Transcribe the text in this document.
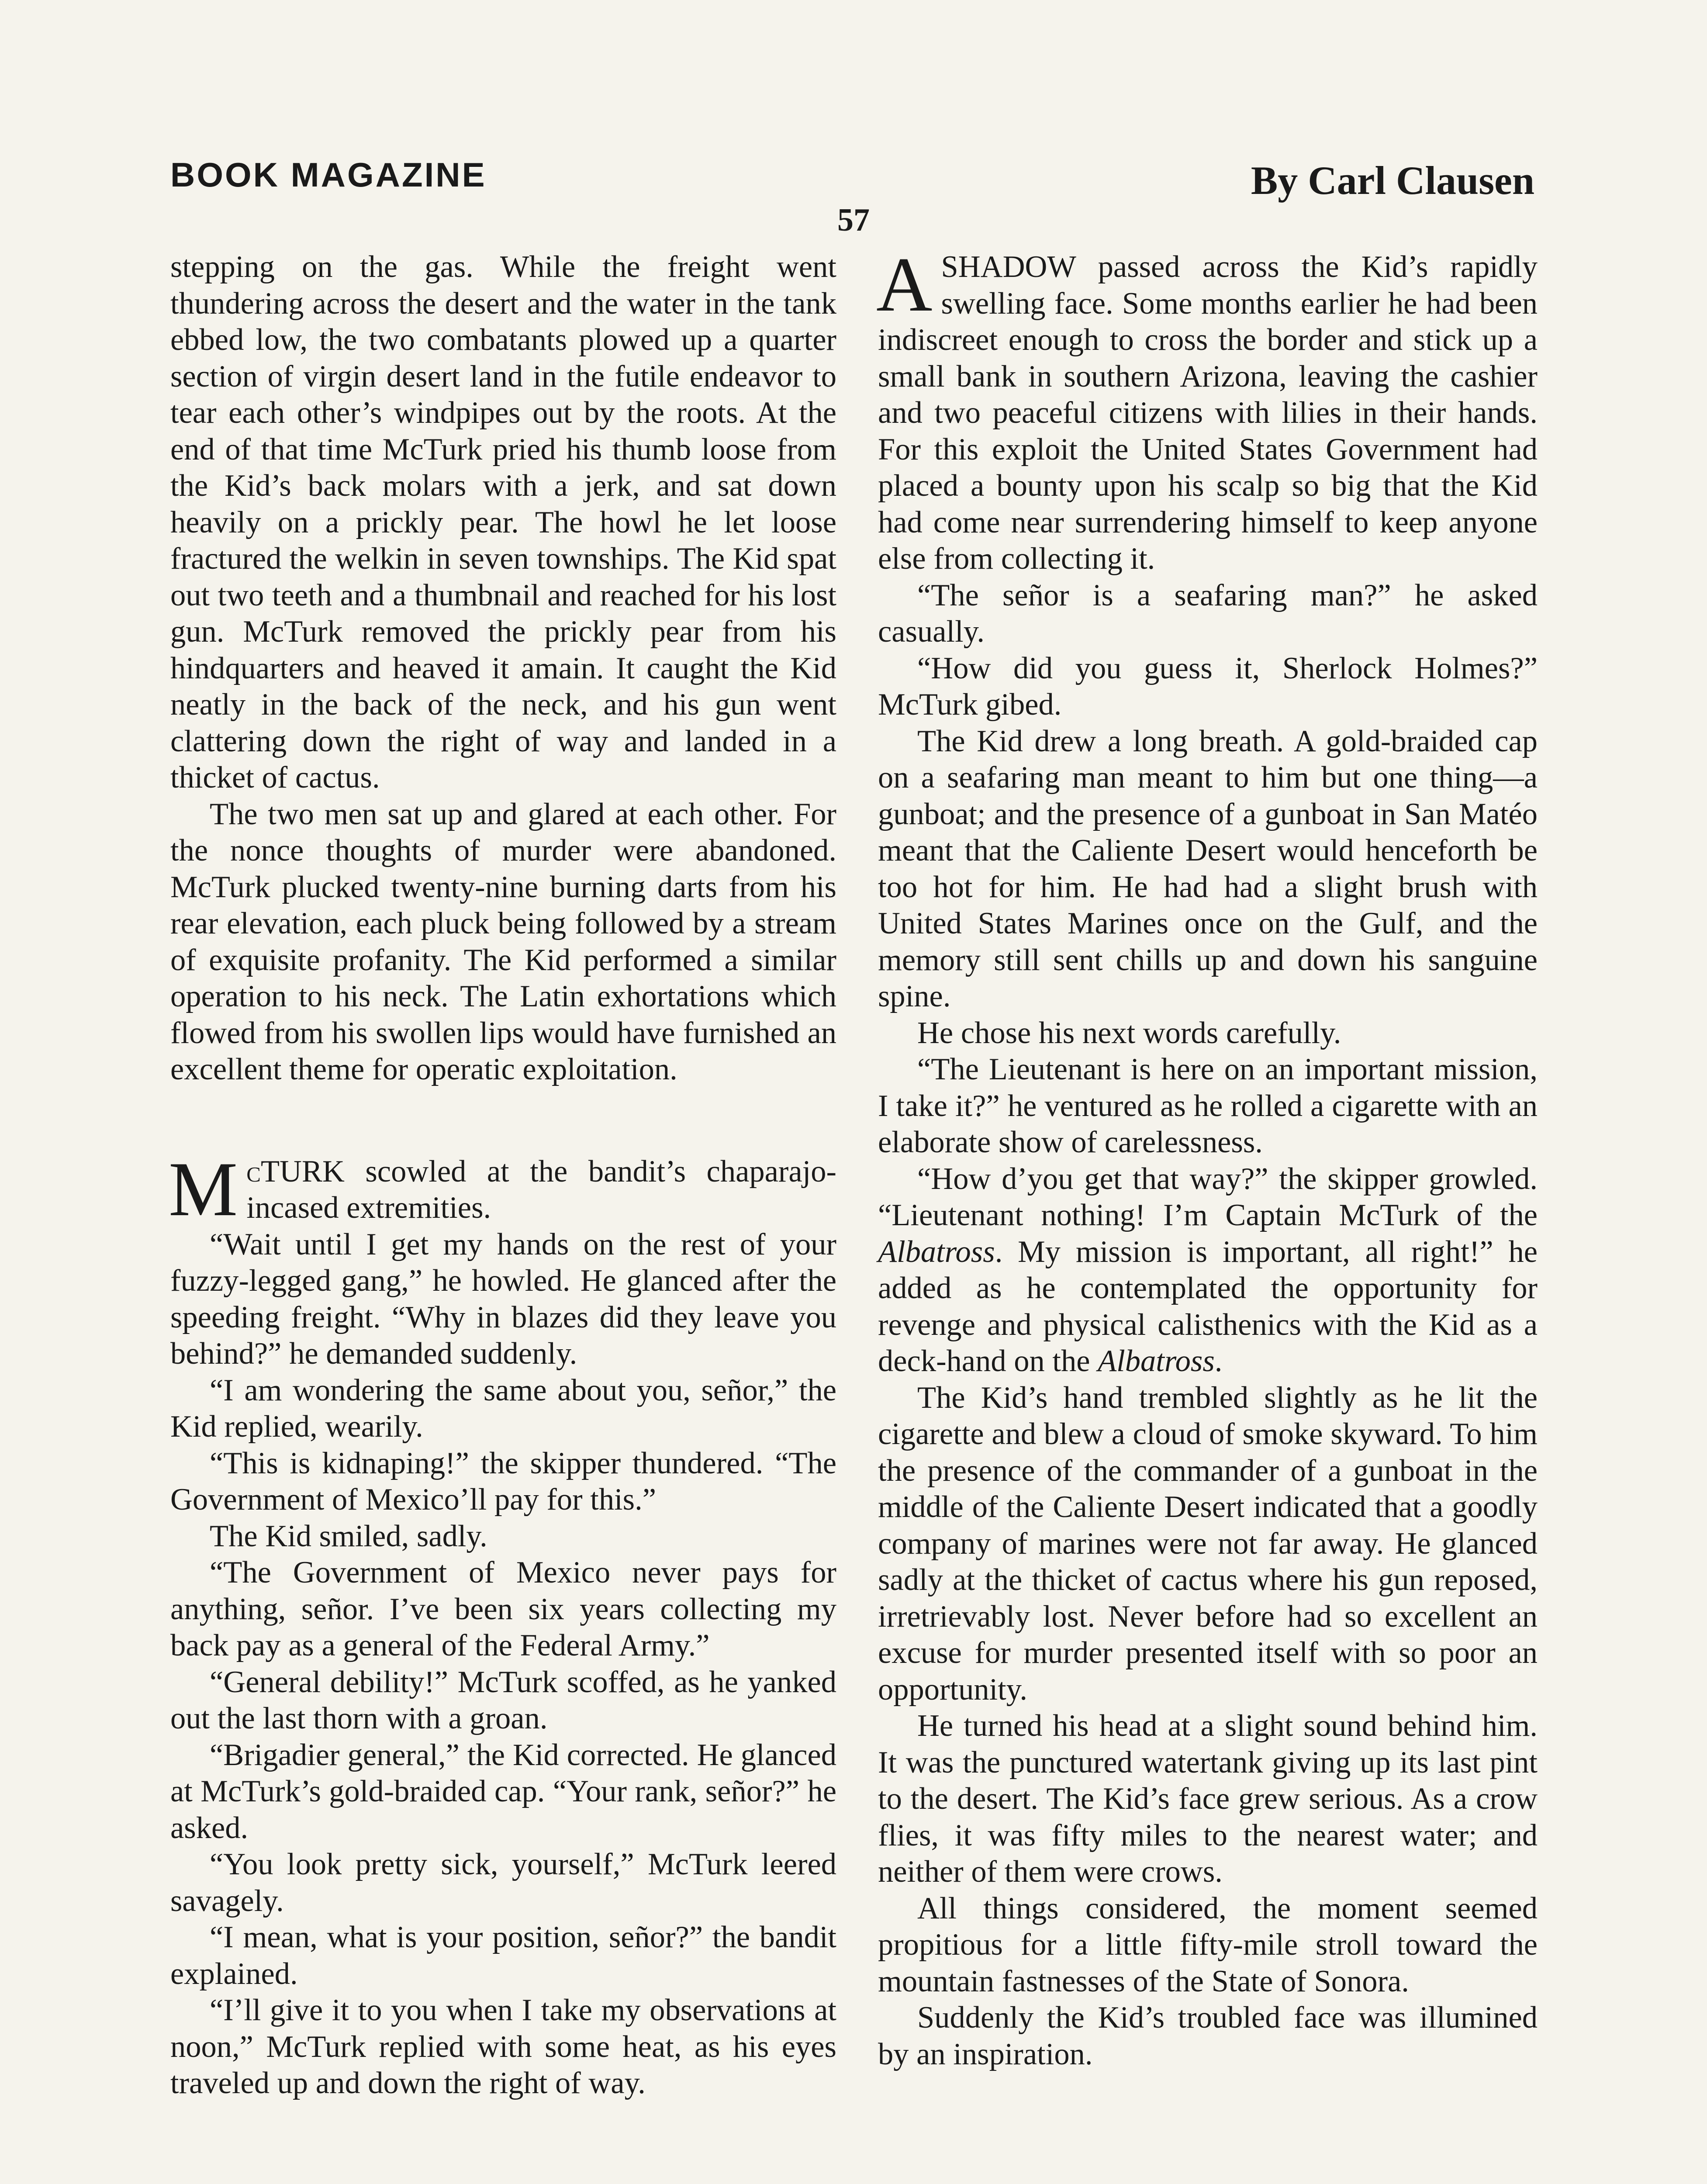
BOOK MAGAZINE	By Carl Clausen
57

stepping on the gas. While the freight went thundering across the desert and the water in the tank ebbed low, the two combatants plowed up a quarter section of virgin desert land in the futile endeavor to tear each other’s windpipes out by the roots. At the end of that time McTurk pried his thumb loose from the Kid’s back molars with a jerk, and sat down heavily on a prickly pear. The howl he let loose fractured the welkin in seven townships. The Kid spat out two teeth and a thumbnail and reached for his lost gun. McTurk removed the prickly pear from his hindquarters and heaved it amain. It caught the Kid neatly in the back of the neck, and his gun went clattering down the right of way and landed in a thicket of cactus.

The two men sat up and glared at each other. For the nonce thoughts of murder were abandoned. McTurk plucked twenty-nine burning darts from his rear elevation, each pluck being followed by a stream of exquisite profanity. The Kid performed a similar operation to his neck. The Latin exhortations which flowed from his swollen lips would have furnished an excellent theme for operatic exploitation.

McTURK scowled at the bandit’s chaparajo-incased extremities.

“Wait until I get my hands on the rest of your fuzzy-legged gang,” he howled. He glanced after the speeding freight. “Why in blazes did they leave you behind?” he demanded suddenly.

“I am wondering the same about you, señor,” the Kid replied, wearily.

“This is kidnaping!” the skipper thundered. “The Government of Mexico’ll pay for this.”

The Kid smiled, sadly.

“The Government of Mexico never pays for anything, señor. I’ve been six years collecting my back pay as a general of the Federal Army.”

“General debility!” McTurk scoffed, as he yanked out the last thorn with a groan.

“Brigadier general,” the Kid corrected. He glanced at McTurk’s gold-braided cap. “Your rank, señor?” he asked.

“You look pretty sick, yourself,” McTurk leered savagely.

“I mean, what is your position, señor?” the bandit explained.

“I’ll give it to you when I take my observations at noon,” McTurk replied with some heat, as his eyes traveled up and down the right of way.

ASHADOW passed across the Kid’s rapidly swelling face. Some months earlier he had been indiscreet enough to cross the border and stick up a small bank in southern Arizona, leaving the cashier and two peaceful citizens with lilies in their hands. For this exploit the United States Government had placed a bounty upon his scalp so big that the Kid had come near surrendering himself to keep anyone else from collecting it.

“The señor is a seafaring man?” he asked casually.

“How did you guess it, Sherlock Holmes?” McTurk gibed.

The Kid drew a long breath. A gold-braided cap on a seafaring man meant to him but one thing—a gunboat; and the presence of a gunboat in San Matéo meant that the Caliente Desert would henceforth be too hot for him. He had had a slight brush with United States Marines once on the Gulf, and the memory still sent chills up and down his sanguine spine.

He chose his next words carefully.

“The Lieutenant is here on an important mission, I take it?” he ventured as he rolled a cigarette with an elaborate show of carelessness.

“How d’you get that way?” the skipper growled. “Lieutenant nothing! I’m Captain McTurk of the Albatross. My mission is important, all right!” he added as he contemplated the opportunity for revenge and physical calisthenics with the Kid as a deck-hand on the Albatross.

The Kid’s hand trembled slightly as he lit the cigarette and blew a cloud of smoke skyward. To him the presence of the commander of a gunboat in the middle of the Caliente Desert indicated that a goodly company of marines were not far away. He glanced sadly at the thicket of cactus where his gun reposed, irretrievably lost. Never before had so excellent an excuse for murder presented itself with so poor an opportunity.

He turned his head at a slight sound behind him. It was the punctured watertank giving up its last pint to the desert. The Kid’s face grew serious. As a crow flies, it was fifty miles to the nearest water; and neither of them were crows.

All things considered, the moment seemed propitious for a little fifty-mile stroll toward the mountain fastnesses of the State of Sonora.

Suddenly the Kid’s troubled face was illumined by an inspiration.
